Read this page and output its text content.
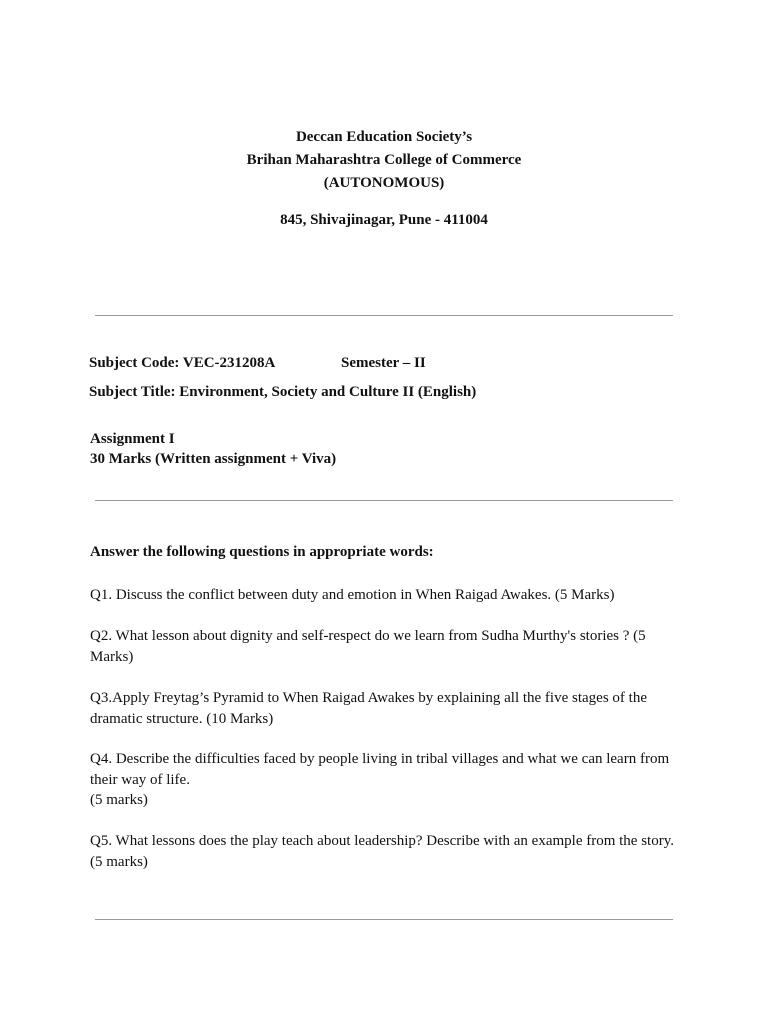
Deccan Education Society’s
Brihan Maharashtra College of Commerce
(AUTONOMOUS)
845, Shivajinagar, Pune - 411004
Subject Code: VEC-231208A	Semester – II
Subject Title: Environment, Society and Culture II (English)
Assignment I
30 Marks (Written assignment + Viva)
Answer the following questions in appropriate words:
Q1. Discuss the conflict between duty and emotion in When Raigad Awakes. (5 Marks)
Q2. What lesson about dignity and self-respect do we learn from Sudha Murthy's stories ? (5 Marks)
Q3.Apply Freytag’s Pyramid to When Raigad Awakes by explaining all the five stages of the dramatic structure. (10 Marks)
Q4. Describe the difficulties faced by people living in tribal villages and what we can learn from their way of life.
(5 marks)
Q5. What lessons does the play teach about leadership? Describe with an example from the story.
(5 marks)
